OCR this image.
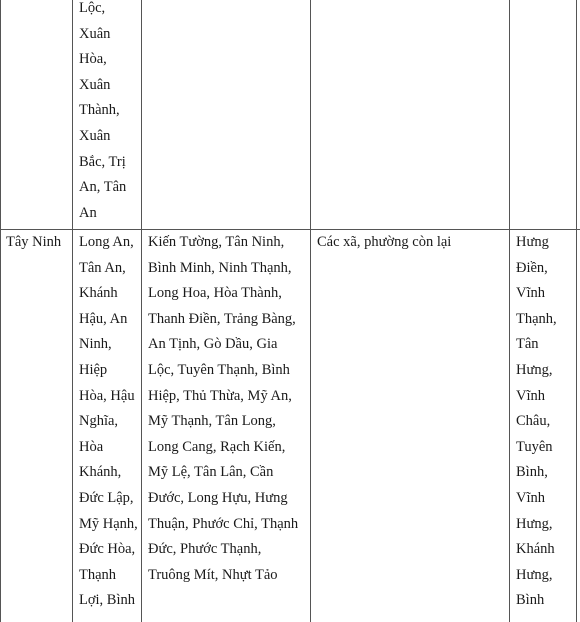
Lộc,
Xuân
Hòa,
Xuân
Thành,
Xuân
Bắc, Trị
An, Tân
An
Tây Ninh Long An,
Tân An,
Khánh
Hậu, An
Ninh,
Hiệp
Hòa, Hậu
Nghĩa,
Hòa
Khánh,
Đức Lập,
Mỹ Hạnh,
Đức Hòa,
Thạnh
Lợi, Bình
Kiến Tường, Tân Ninh,
Bình Minh, Ninh Thạnh,
Long Hoa, Hòa Thành,
Thanh Điền, Trảng Bàng,
An Tịnh, Gò Dầu, Gia
Lộc, Tuyên Thạnh, Bình
Hiệp, Thủ Thừa, Mỹ An,
Mỹ Thạnh, Tân Long,
Long Cang, Rạch Kiến,
Mỹ Lệ, Tân Lân, Cần
Đước, Long Hựu, Hưng
Thuận, Phước Chỉ, Thạnh
Đức, Phước Thạnh,
Truông Mít, Nhựt Tảo
Các xã, phường còn lại	Hưng
Điền,
Vĩnh
Thạnh,
Tân
Hưng,
Vĩnh
Châu,
Tuyên
Bình,
Vĩnh
Hưng,
Khánh
Hưng,
Bình
